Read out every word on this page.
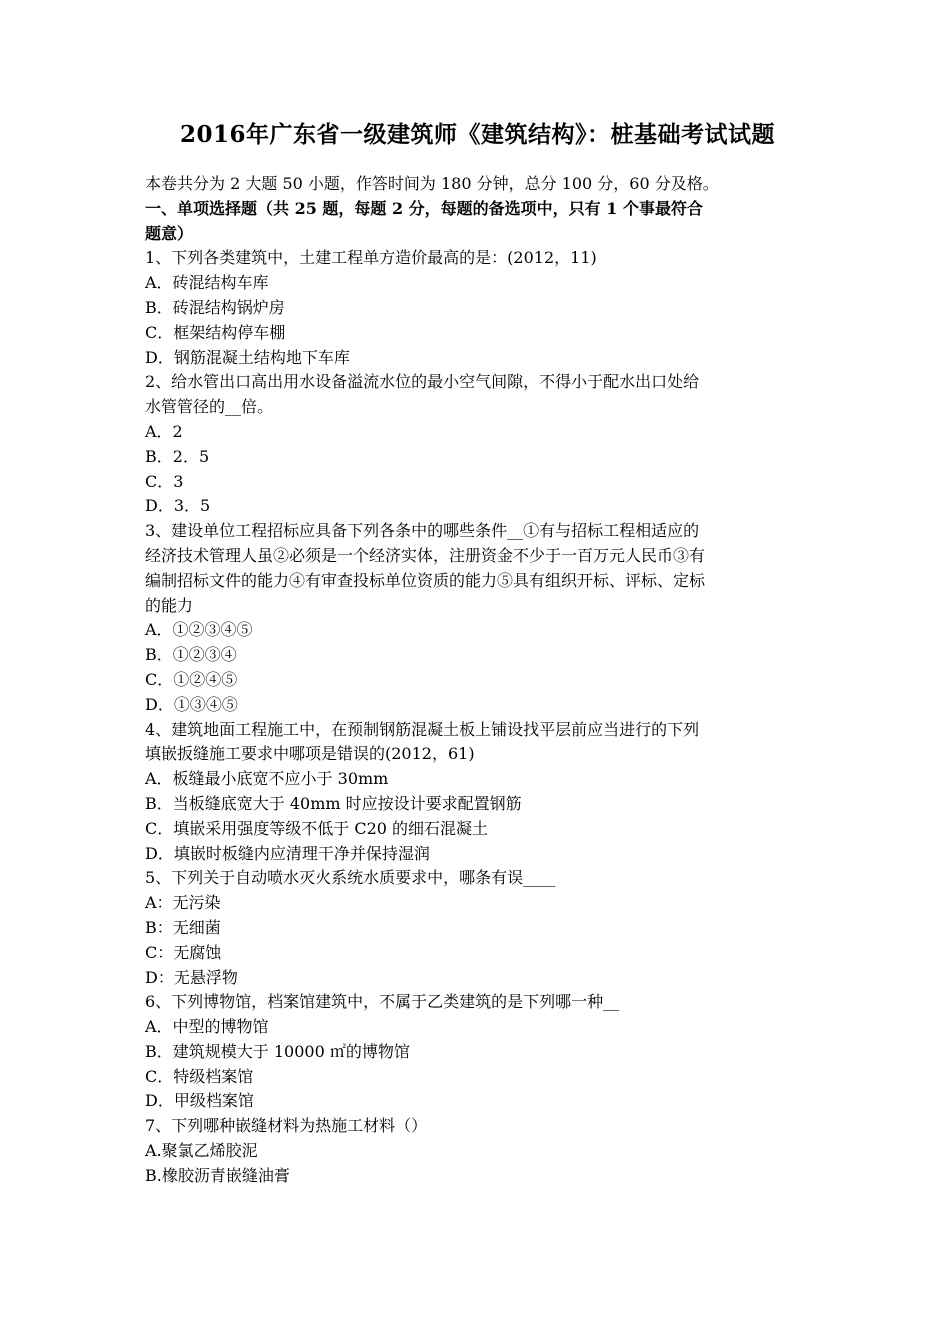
2016年广东省一级建筑师《建筑结构》：桩基础考试试题

本卷共分为 2 大题 50 小题，作答时间为 180 分钟，总分 100 分，60 分及格。

一、单项选择题（共 25 题，每题 2 分，每题的备选项中，只有 1 个事最符合

题意）

1、下列各类建筑中，土建工程单方造价最高的是：(2012，11)

A．砖混结构车库

B．砖混结构锅炉房

C．框架结构停车棚

D．钢筋混凝土结构地下车库

2、给水管出口高出用水设备溢流水位的最小空气间隙，不得小于配水出口处给

水管管径的__倍。

A．2

B．2．5

C．3

D．3．5

3、建设单位工程招标应具备下列各条中的哪些条件__①有与招标工程相适应的

经济技术管理人虽②必须是一个经济实体，注册资金不少于一百万元人民币③有

编制招标文件的能力④有审查投标单位资质的能力⑤具有组织开标、评标、定标

的能力

A．①②③④⑤

B．①②③④

C．①②④⑤

D．①③④⑤

4、建筑地面工程施工中，在预制钢筋混凝土板上铺设找平层前应当进行的下列

填嵌扳缝施工要求中哪项是错误的(2012，61)

A．板缝最小底宽不应小于 30mm

B．当板缝底宽大于 40mm 时应按设计要求配置钢筋

C．填嵌采用强度等级不低于 C20 的细石混凝土

D．填嵌时板缝内应清理干净并保持湿润

5、下列关于自动喷水灭火系统水质要求中，哪条有误____

A：无污染

B：无细菌

C：无腐蚀

D：无悬浮物

6、下列博物馆，档案馆建筑中，不属于乙类建筑的是下列哪一种__

A．中型的博物馆

B．建筑规模大于 10000 ㎡的博物馆

C．特级档案馆

D．甲级档案馆

7、下列哪种嵌缝材料为热施工材料（）

A.聚氯乙烯胶泥

B.橡胶沥青嵌缝油膏
